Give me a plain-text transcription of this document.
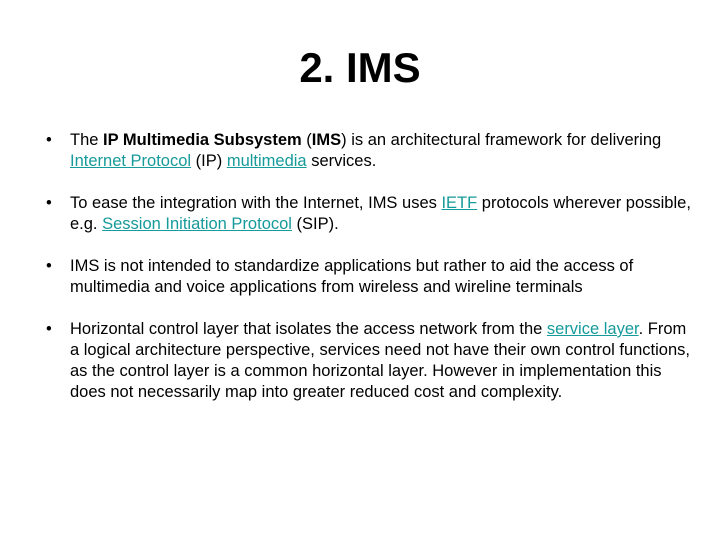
2. IMS
• The IP Multimedia Subsystem (IMS) is an architectural framework for delivering Internet Protocol (IP) multimedia services.
• To ease the integration with the Internet, IMS uses IETF protocols wherever possible, e.g. Session Initiation Protocol (SIP).
• IMS is not intended to standardize applications but rather to aid the access of multimedia and voice applications from wireless and wireline terminals
• Horizontal control layer that isolates the access network from the service layer. From a logical architecture perspective, services need not have their own control functions, as the control layer is a common horizontal layer. However in implementation this does not necessarily map into greater reduced cost and complexity.
